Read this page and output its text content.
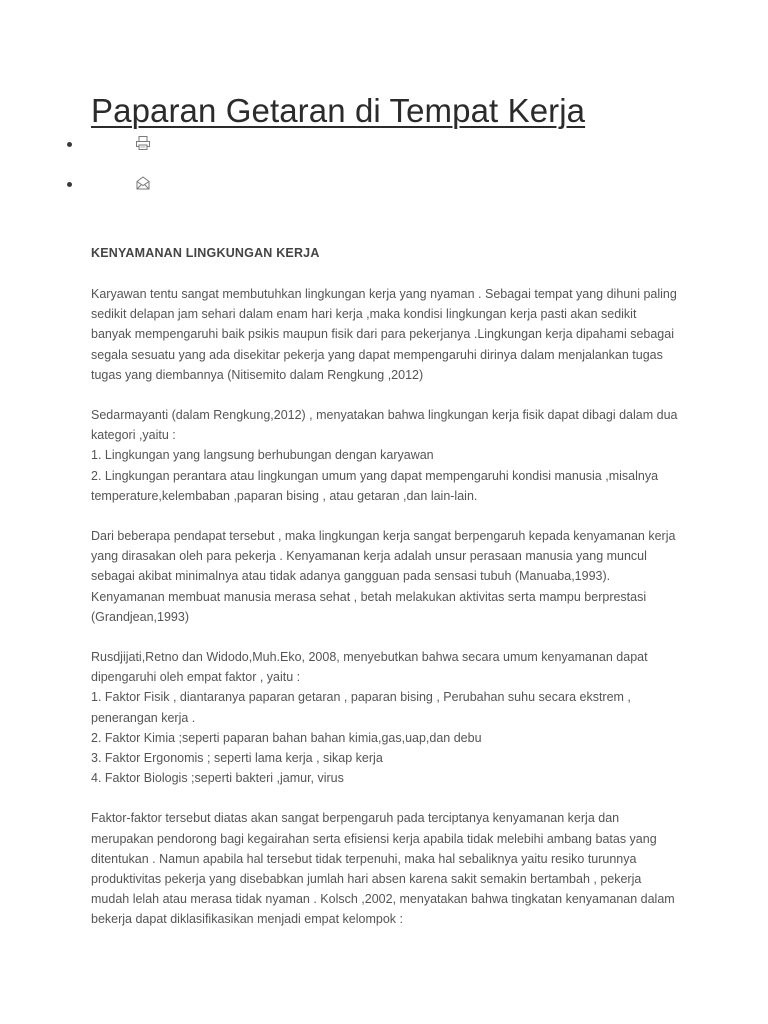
Paparan Getaran di Tempat Kerja
KENYAMANAN LINGKUNGAN KERJA
Karyawan tentu sangat membutuhkan lingkungan kerja yang nyaman . Sebagai tempat yang dihuni paling
sedikit delapan jam sehari dalam enam hari kerja ,maka kondisi lingkungan kerja pasti akan sedikit
banyak mempengaruhi baik psikis maupun fisik dari para pekerjanya .Lingkungan kerja dipahami sebagai
segala sesuatu yang ada disekitar pekerja yang dapat mempengaruhi dirinya dalam menjalankan tugas
tugas yang diembannya (Nitisemito dalam Rengkung ,2012)
Sedarmayanti (dalam Rengkung,2012) , menyatakan bahwa lingkungan kerja fisik dapat dibagi dalam dua
kategori ,yaitu :
1. Lingkungan yang langsung berhubungan dengan karyawan
2. Lingkungan perantara atau lingkungan umum yang dapat mempengaruhi kondisi manusia ,misalnya
temperature,kelembaban ,paparan bising , atau getaran ,dan lain-lain.
Dari beberapa pendapat tersebut , maka lingkungan kerja sangat berpengaruh kepada kenyamanan kerja
yang dirasakan oleh para pekerja . Kenyamanan kerja adalah unsur perasaan manusia yang muncul
sebagai akibat minimalnya atau tidak adanya gangguan pada sensasi tubuh (Manuaba,1993).
Kenyamanan membuat manusia merasa sehat , betah melakukan aktivitas serta mampu berprestasi
(Grandjean,1993)
Rusdjijati,Retno dan Widodo,Muh.Eko, 2008, menyebutkan bahwa secara umum kenyamanan dapat
dipengaruhi oleh empat faktor , yaitu :
1. Faktor Fisik , diantaranya paparan getaran , paparan bising , Perubahan suhu secara ekstrem ,
penerangan kerja .
2. Faktor Kimia ;seperti paparan bahan bahan kimia,gas,uap,dan debu
3. Faktor Ergonomis ; seperti lama kerja , sikap kerja
4. Faktor Biologis ;seperti bakteri ,jamur, virus
Faktor-faktor tersebut diatas akan sangat berpengaruh pada terciptanya kenyamanan kerja dan
merupakan pendorong bagi kegairahan serta efisiensi kerja apabila tidak melebihi ambang batas yang
ditentukan . Namun apabila hal tersebut tidak terpenuhi, maka hal sebaliknya yaitu resiko turunnya
produktivitas pekerja yang disebabkan jumlah hari absen karena sakit semakin bertambah , pekerja
mudah lelah atau merasa tidak nyaman . Kolsch ,2002, menyatakan bahwa tingkatan kenyamanan dalam
bekerja dapat diklasifikasikan menjadi empat kelompok :
